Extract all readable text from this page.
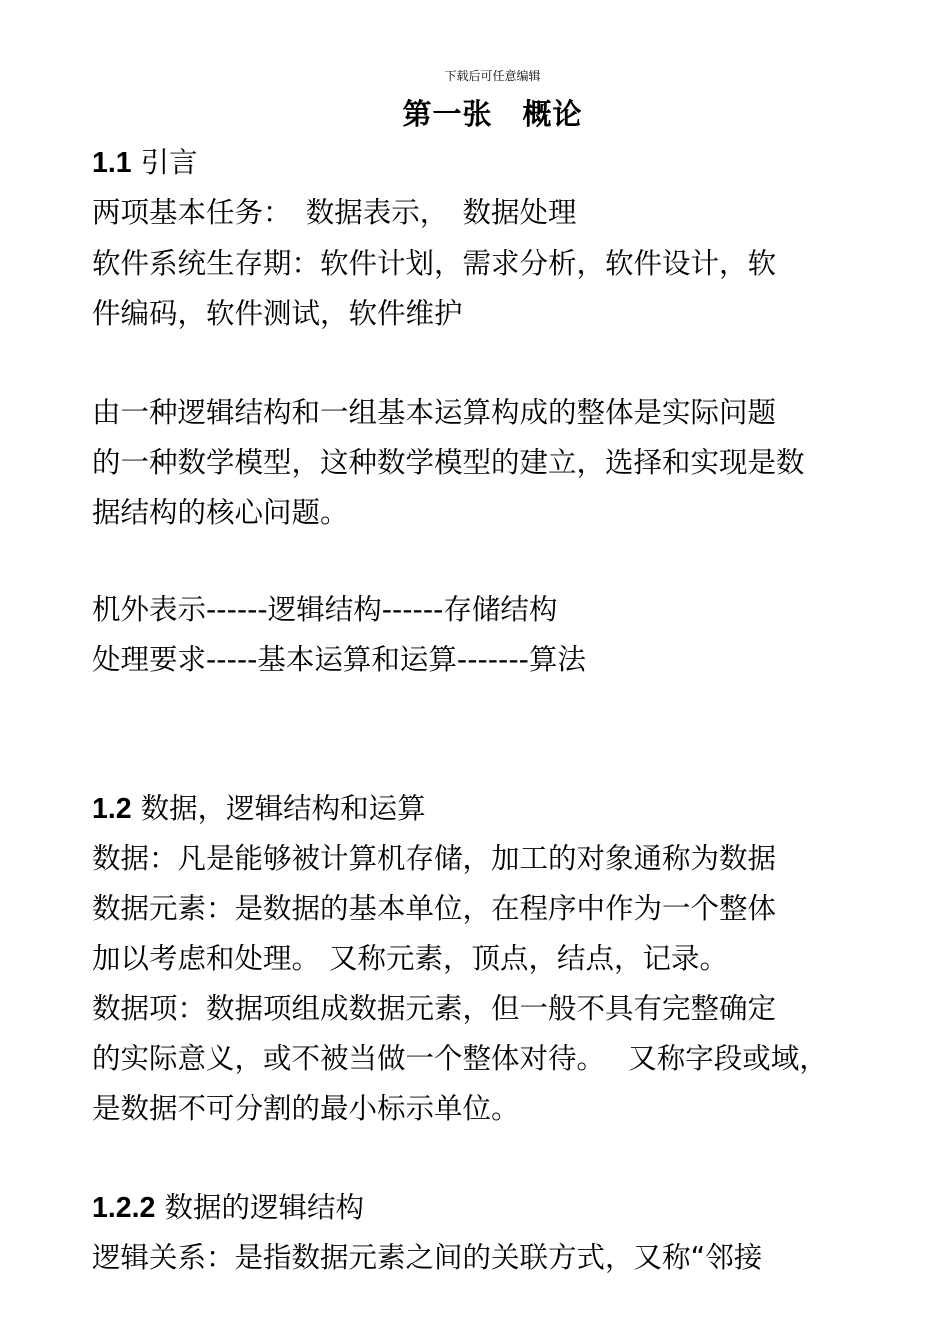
下载后可任意编辑
第一张　概论
1.1 引言
两项基本任务：　数据表示，　数据处理
软件系统生存期：软件计划，需求分析，软件设计，软
件编码，软件测试，软件维护
由一种逻辑结构和一组基本运算构成的整体是实际问题
的一种数学模型，这种数学模型的建立，选择和实现是数
据结构的核心问题。
机外表示------逻辑结构------存储结构
处理要求-----基本运算和运算-------算法
1.2 数据，逻辑结构和运算
数据：凡是能够被计算机存储，加工的对象通称为数据
数据元素：是数据的基本单位，在程序中作为一个整体
加以考虑和处理。 又称元素，顶点，结点，记录。
数据项：数据项组成数据元素，但一般不具有完整确定
的实际意义，或不被当做一个整体对待。　 又称字段或域，
是数据不可分割的最小标示单位。
1.2.2 数据的逻辑结构
逻辑关系：是指数据元素之间的关联方式，又称“邻接
